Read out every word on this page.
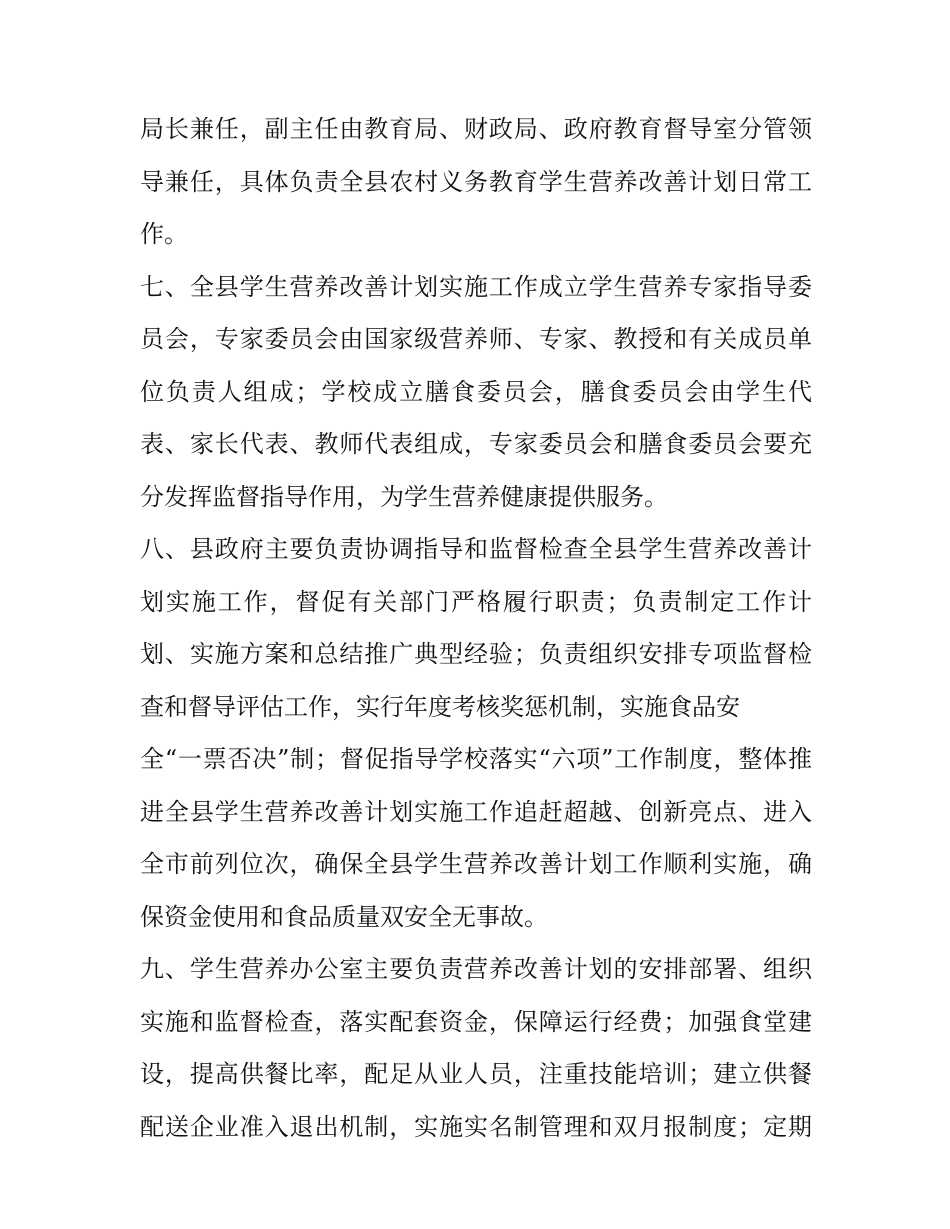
局长兼任，副主任由教育局、财政局、政府教育督导室分管领
导兼任，具体负责全县农村义务教育学生营养改善计划日常工
作。
七、全县学生营养改善计划实施工作成立学生营养专家指导委
员会，专家委员会由国家级营养师、专家、教授和有关成员单
位负责人组成；学校成立膳食委员会，膳食委员会由学生代
表、家长代表、教师代表组成，专家委员会和膳食委员会要充
分发挥监督指导作用，为学生营养健康提供服务。
八、县政府主要负责协调指导和监督检查全县学生营养改善计
划实施工作，督促有关部门严格履行职责；负责制定工作计
划、实施方案和总结推广典型经验；负责组织安排专项监督检
查和督导评估工作，实行年度考核奖惩机制，实施食品安
全“一票否决”制；督促指导学校落实“六项”工作制度，整体推
进全县学生营养改善计划实施工作追赶超越、创新亮点、进入
全市前列位次，确保全县学生营养改善计划工作顺利实施，确
保资金使用和食品质量双安全无事故。
九、学生营养办公室主要负责营养改善计划的安排部署、组织
实施和监督检查，落实配套资金，保障运行经费；加强食堂建
设，提高供餐比率，配足从业人员，注重技能培训；建立供餐
配送企业准入退出机制，实施实名制管理和双月报制度；定期
